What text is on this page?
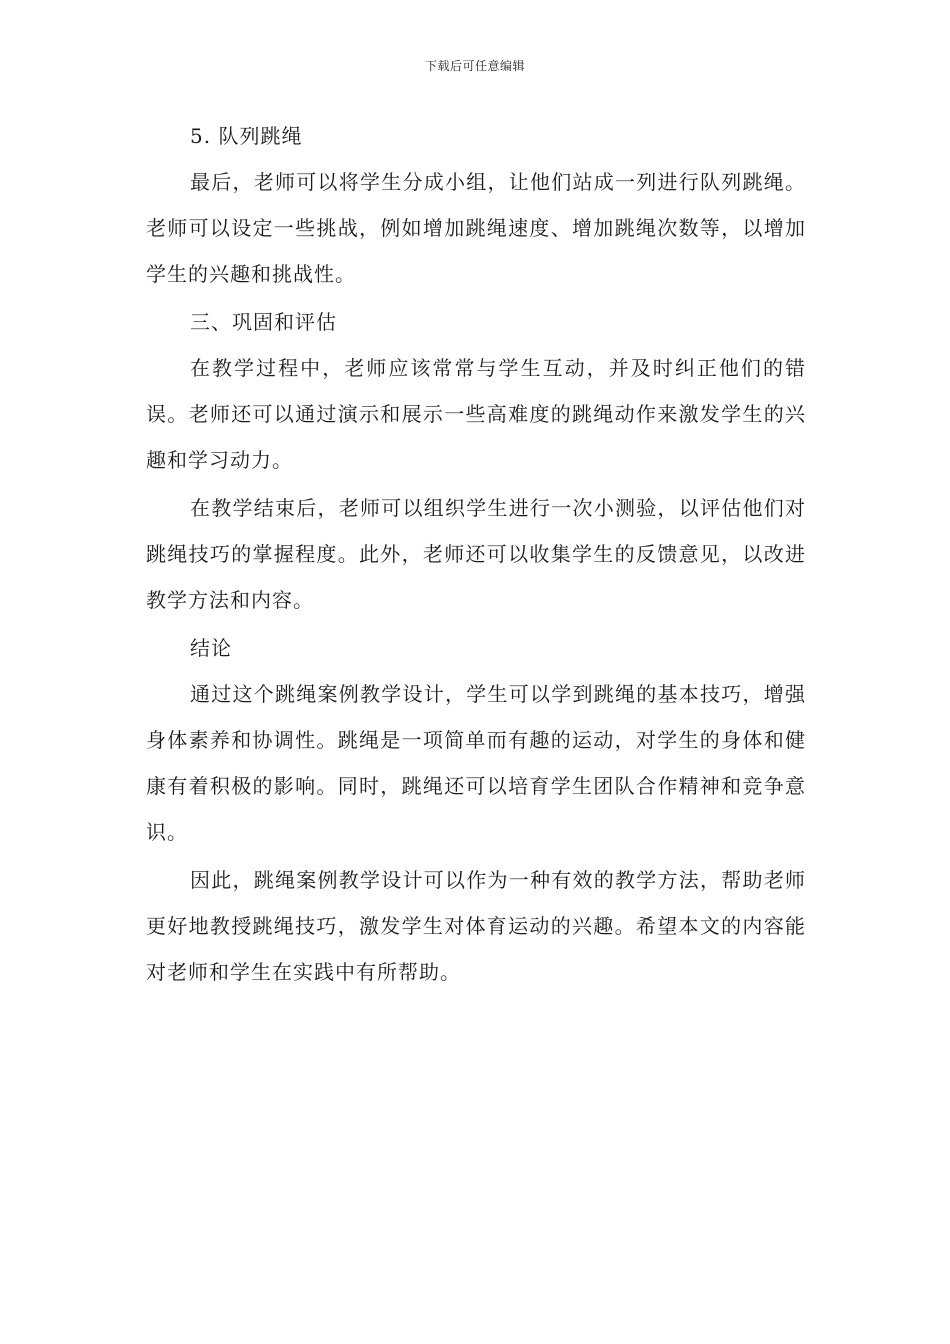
下载后可任意编辑
5. 队列跳绳

最后，老师可以将学生分成小组，让他们站成一列进行队列跳绳。老师可以设定一些挑战，例如增加跳绳速度、增加跳绳次数等，以增加学生的兴趣和挑战性。

三、巩固和评估

在教学过程中，老师应该常常与学生互动，并及时纠正他们的错误。老师还可以通过演示和展示一些高难度的跳绳动作来激发学生的兴趣和学习动力。

在教学结束后，老师可以组织学生进行一次小测验，以评估他们对跳绳技巧的掌握程度。此外，老师还可以收集学生的反馈意见，以改进教学方法和内容。

结论

通过这个跳绳案例教学设计，学生可以学到跳绳的基本技巧，增强身体素养和协调性。跳绳是一项简单而有趣的运动，对学生的身体和健康有着积极的影响。同时，跳绳还可以培育学生团队合作精神和竞争意识。

因此，跳绳案例教学设计可以作为一种有效的教学方法，帮助老师更好地教授跳绳技巧，激发学生对体育运动的兴趣。希望本文的内容能对老师和学生在实践中有所帮助。
